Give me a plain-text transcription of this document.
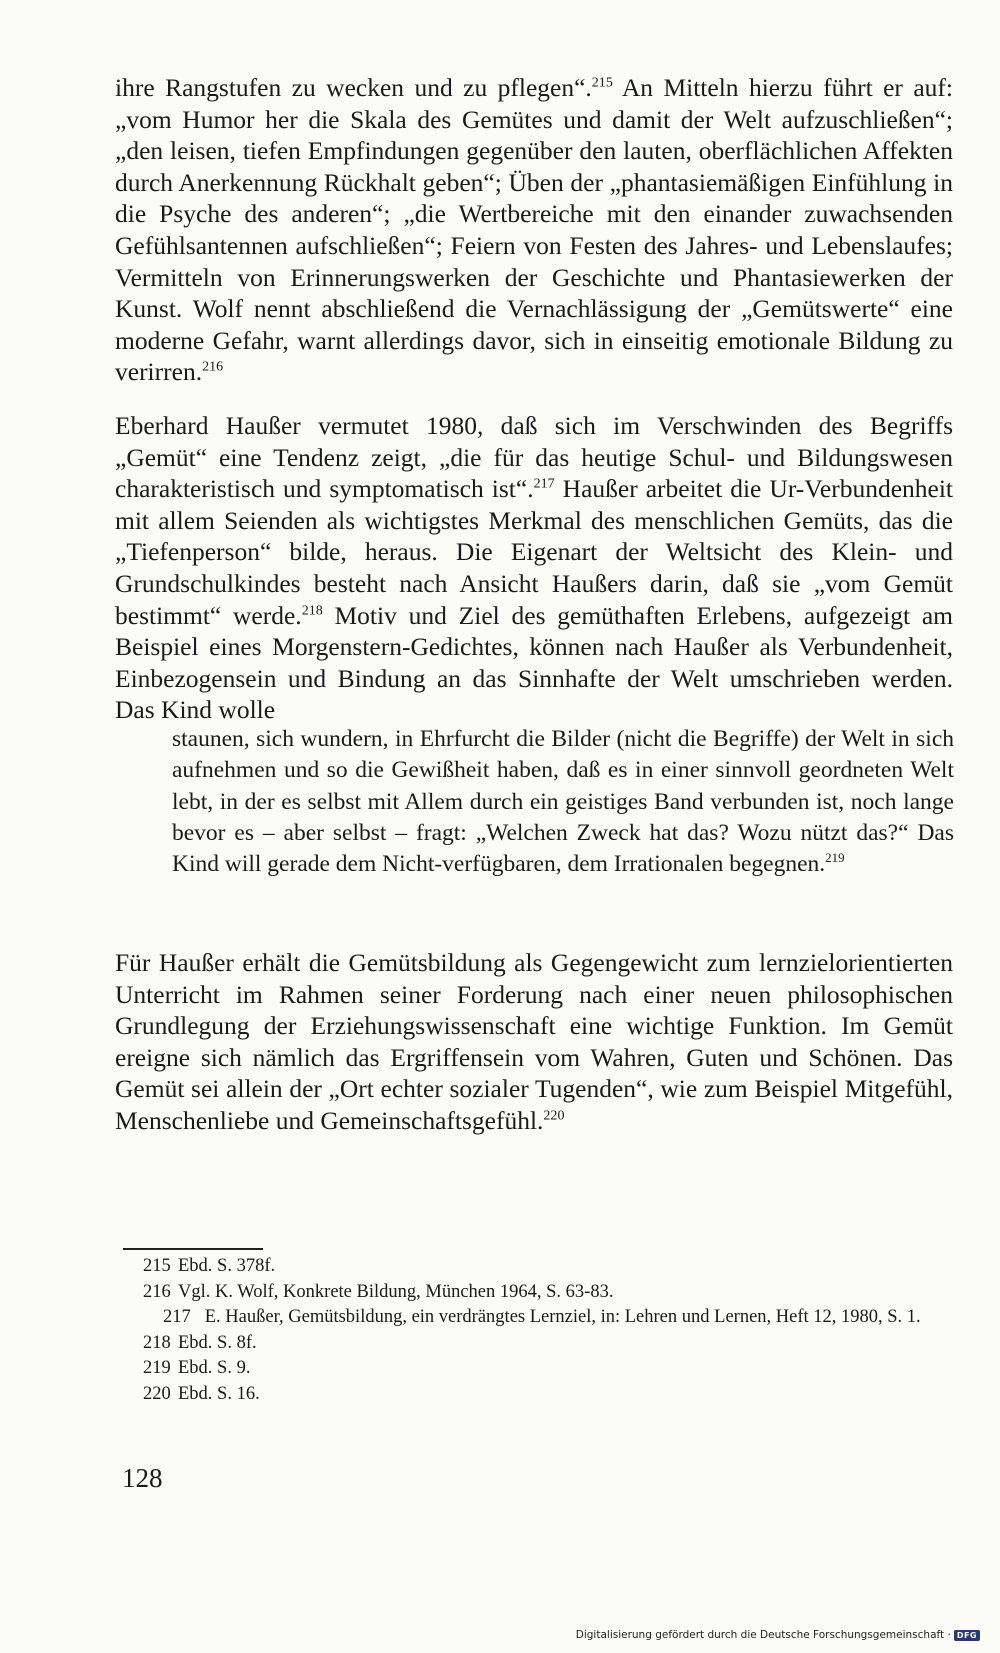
ihre Rangstufen zu wecken und zu pflegen“.$^{215}$ An Mitteln hierzu führt er auf: „vom Humor her die Skala des Gemütes und damit der Welt aufzuschließen“; „den leisen, tiefen Empfindungen gegenüber den lauten, oberflächlichen Affekten durch Anerkennung Rückhalt geben“; Üben der „phantasiemäßigen Einfühlung in die Psyche des anderen“; „die Wertbereiche mit den einander zuwachsenden Gefühlsantennen aufschließen“; Feiern von Festen des Jahres- und Lebenslaufes; Vermitteln von Erinnerungswerken der Geschichte und Phantasiewerken der Kunst. Wolf nennt abschließend die Vernachlässigung der „Gemütswerte“ eine moderne Gefahr, warnt allerdings davor, sich in einseitig emotionale Bildung zu verirren.$^{216}$

Eberhard Haußer vermutet 1980, daß sich im Verschwinden des Begriffs „Gemüt“ eine Tendenz zeigt, „die für das heutige Schul- und Bildungswesen charakteristisch und symptomatisch ist“.$^{217}$ Haußer arbeitet die Ur-Verbundenheit mit allem Seienden als wichtigstes Merkmal des menschlichen Gemüts, das die „Tiefenperson“ bilde, heraus. Die Eigenart der Weltsicht des Klein- und Grundschulkindes besteht nach Ansicht Haußers darin, daß sie „vom Gemüt bestimmt“ werde.$^{218}$ Motiv und Ziel des gemüthaften Erlebens, aufgezeigt am Beispiel eines Morgenstern-Gedichtes, können nach Haußer als Verbundenheit, Einbezogensein und Bindung an das Sinnhafte der Welt umschrieben werden. Das Kind wolle

staunen, sich wundern, in Ehrfurcht die Bilder (nicht die Begriffe) der Welt in sich aufnehmen und so die Gewißheit haben, daß es in einer sinnvoll geordneten Welt lebt, in der es selbst mit Allem durch ein geistiges Band verbunden ist, noch lange bevor es – aber selbst – fragt: „Welchen Zweck hat das? Wozu nützt das?“ Das Kind will gerade dem Nicht-verfügbaren, dem Irrationalen begegnen.$^{219}$

Für Haußer erhält die Gemütsbildung als Gegengewicht zum lernzielorientierten Unterricht im Rahmen seiner Forderung nach einer neuen philosophischen Grundlegung der Erziehungswissenschaft eine wichtige Funktion. Im Gemüt ereigne sich nämlich das Ergriffensein vom Wahren, Guten und Schönen. Das Gemüt sei allein der „Ort echter sozialer Tugenden“, wie zum Beispiel Mitgefühl, Menschenliebe und Gemeinschaftsgefühl.$^{220}$

215 Ebd. S. 378f.

216 Vgl. K. Wolf, Konkrete Bildung, München 1964, S. 63-83.

217 E. Haußer, Gemütsbildung, ein verdrängtes Lernziel, in: Lehren und Lernen, Heft 12, 1980, S. 1.

218 Ebd. S. 8f.

219 Ebd. S. 9.

220 Ebd. S. 16.

128
Digitalisierung gefördert durch die Deutsche Forschungsgemeinschaft · DFG
